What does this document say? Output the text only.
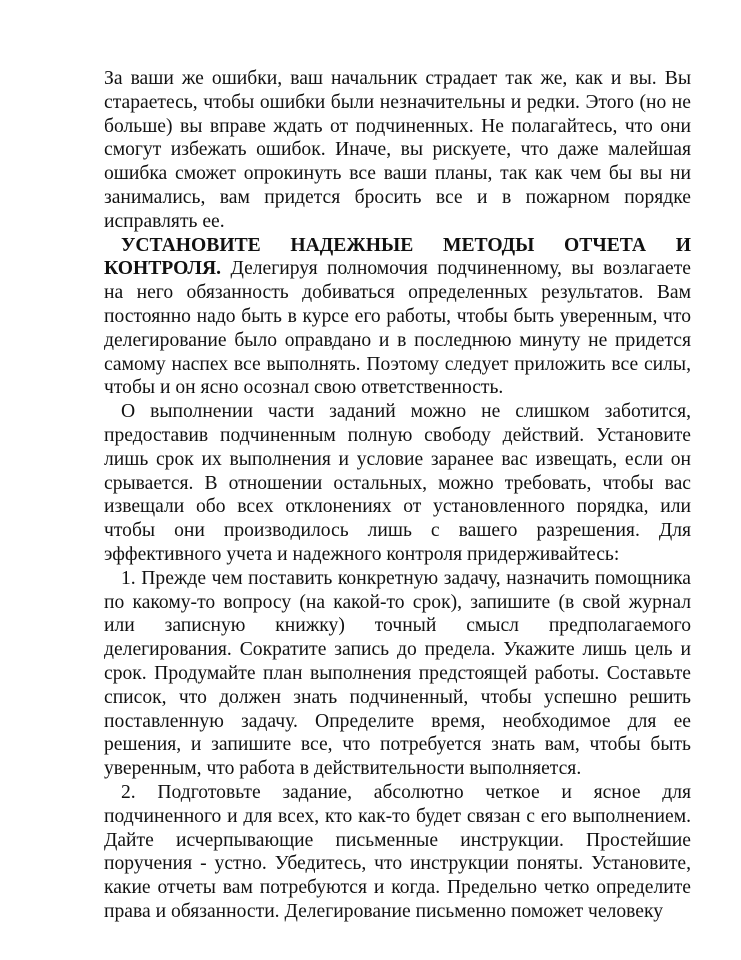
За ваши же ошибки, ваш начальник страдает так же, как и вы. Вы стараетесь, чтобы ошибки были незначительны и редки. Этого (но не больше) вы вправе ждать от подчиненных. Не полагайтесь, что они смогут избежать ошибок. Иначе, вы рискуете, что даже малейшая ошибка сможет опрокинуть все ваши планы, так как чем бы вы ни занимались, вам придется бросить все и в пожарном порядке исправлять ее.

УСТАНОВИТЕ НАДЕЖНЫЕ МЕТОДЫ ОТЧЕТА И КОНТРОЛЯ. Делегируя полномочия подчиненному, вы возлагаете на него обязанность добиваться определенных результатов. Вам постоянно надо быть в курсе его работы, чтобы быть уверенным, что делегирование было оправдано и в последнюю минуту не придется самому наспех все выполнять. Поэтому следует приложить все силы, чтобы и он ясно осознал свою ответственность.

О выполнении части заданий можно не слишком заботится, предоставив подчиненным полную свободу действий. Установите лишь срок их выполнения и условие заранее вас извещать, если он срывается. В отношении остальных, можно требовать, чтобы вас извещали обо всех отклонениях от установленного порядка, или чтобы они производилось лишь с вашего разрешения. Для эффективного учета и надежного контроля придерживайтесь:

1. Прежде чем поставить конкретную задачу, назначить помощника по какому-то вопросу (на какой-то срок), запишите (в свой журнал или записную книжку) точный смысл предполагаемого делегирования. Сократите запись до предела. Укажите лишь цель и срок. Продумайте план выполнения предстоящей работы. Составьте список, что должен знать подчиненный, чтобы успешно решить поставленную задачу. Определите время, необходимое для ее решения, и запишите все, что потребуется знать вам, чтобы быть уверенным, что работа в действительности выполняется.

2. Подготовьте задание, абсолютно четкое и ясное для подчиненного и для всех, кто как-то будет связан с его выполнением. Дайте исчерпывающие письменные инструкции. Простейшие поручения - устно. Убедитесь, что инструкции поняты. Установите, какие отчеты вам потребуются и когда. Предельно четко определите права и обязанности. Делегирование письменно поможет человеку
